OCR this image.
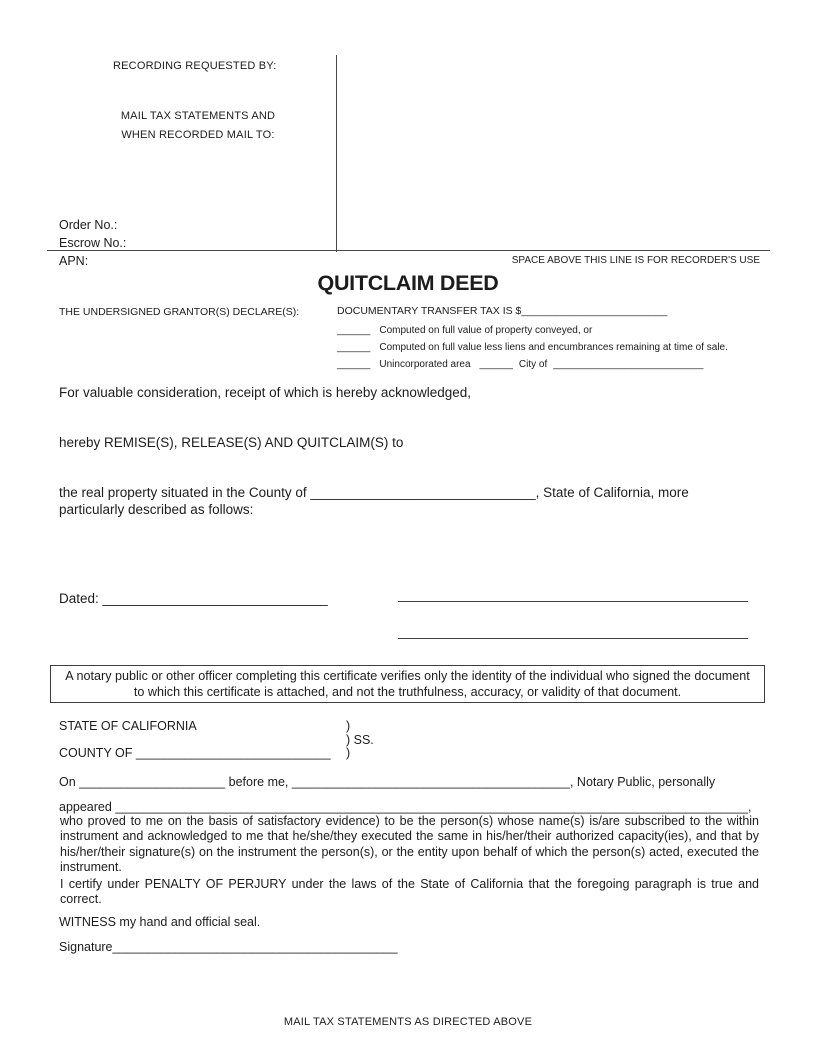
RECORDING REQUESTED BY:
MAIL TAX STATEMENTS AND
WHEN RECORDED MAIL TO:
Order No.:
Escrow No.:
APN:	SPACE ABOVE THIS LINE IS FOR RECORDER'S USE
QUITCLAIM DEED
THE UNDERSIGNED GRANTOR(S) DECLARE(S):	DOCUMENTARY TRANSFER TAX IS $_________________________
______ Computed on full value of property conveyed, or
______ Computed on full value less liens and encumbrances remaining at time of sale.
______ Unincorporated area ______ City of ___________________________
For valuable consideration, receipt of which is hereby acknowledged,
hereby REMISE(S), RELEASE(S) AND QUITCLAIM(S) to
the real property situated in the County of ______________________________, State of California, more
particularly described as follows:
Dated: ______________________________
A notary public or other officer completing this certificate verifies only the identity of the individual who signed the document to which this certificate is attached, and not the truthfulness, accuracy, or validity of that document.
STATE OF CALIFORNIA	)
) SS.
COUNTY OF ____________________________ )
On _____________________ before me, ________________________________________, Notary Public, personally
appeared ___________________________________________________________________________________________,
who proved to me on the basis of satisfactory evidence) to be the person(s) whose name(s) is/are subscribed to the within instrument and acknowledged to me that he/she/they executed the same in his/her/their authorized capacity(ies), and that by his/her/their signature(s) on the instrument the person(s), or the entity upon behalf of which the person(s) acted, executed the instrument.
I certify under PENALTY OF PERJURY under the laws of the State of California that the foregoing paragraph is true and correct.
WITNESS my hand and official seal.
Signature_________________________________________
MAIL TAX STATEMENTS AS DIRECTED ABOVE
